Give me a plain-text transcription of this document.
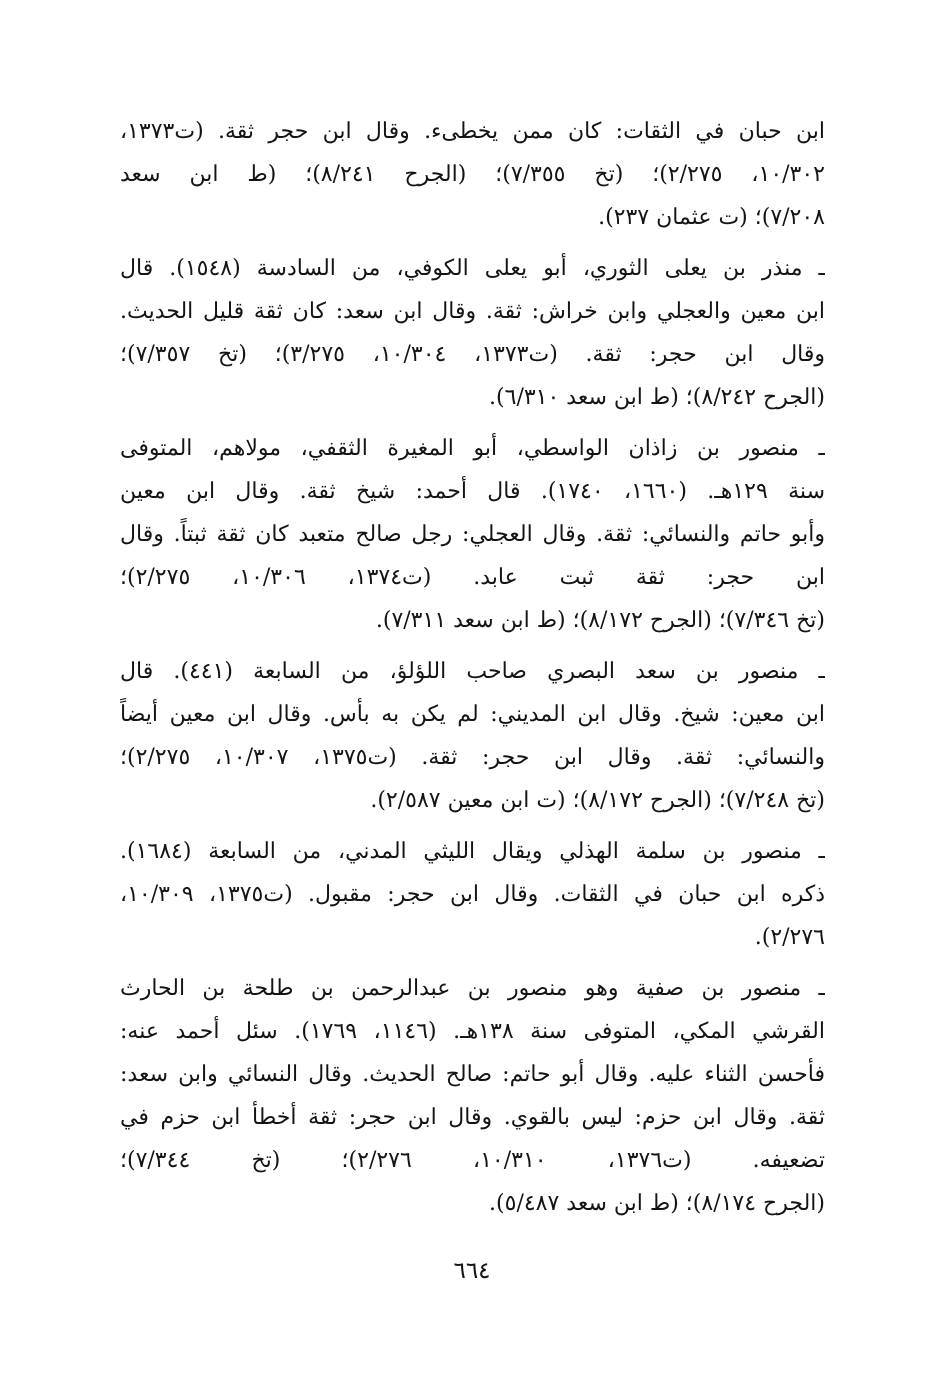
ابن حبان في الثقات: كان ممن يخطىء. وقال ابن حجر ثقة. (ت١٣٧٣،
١٠/٣٠٢، ٢/٢٧٥)؛ (تخ ٧/٣٥٥)؛ (الجرح ٨/٢٤١)؛ (ط ابن سعد
٧/٢٠٨)؛ (ت عثمان ٢٣٧).
ـ منذر بن يعلى الثوري، أبو يعلى الكوفي، من السادسة (١٥٤٨). قال
ابن معين والعجلي وابن خراش: ثقة. وقال ابن سعد: كان ثقة قليل الحديث.
وقال ابن حجر: ثقة. (ت١٣٧٣، ١٠/٣٠٤، ٣/٢٧٥)؛ (تخ ٧/٣٥٧)؛
(الجرح ٨/٢٤٢)؛ (ط ابن سعد ٦/٣١٠).
ـ منصور بن زاذان الواسطي، أبو المغيرة الثقفي، مولاهم، المتوفى
سنة ١٢٩هـ. (١٦٦٠، ١٧٤٠). قال أحمد: شيخ ثقة. وقال ابن معين
وأبو حاتم والنسائي: ثقة. وقال العجلي: رجل صالح متعبد كان ثقة ثبتاً. وقال
ابن حجر: ثقة ثبت عابد. (ت١٣٧٤، ١٠/٣٠٦، ٢/٢٧٥)؛
(تخ ٧/٣٤٦)؛ (الجرح ٨/١٧٢)؛ (ط ابن سعد ٧/٣١١).
ـ منصور بن سعد البصري صاحب اللؤلؤ، من السابعة (٤٤١). قال
ابن معين: شيخ. وقال ابن المديني: لم يكن به بأس. وقال ابن معين أيضاً
والنسائي: ثقة. وقال ابن حجر: ثقة. (ت١٣٧٥، ١٠/٣٠٧، ٢/٢٧٥)؛
(تخ ٧/٢٤٨)؛ (الجرح ٨/١٧٢)؛ (ت ابن معين ٢/٥٨٧).
ـ منصور بن سلمة الهذلي ويقال الليثي المدني، من السابعة (١٦٨٤).
ذكره ابن حبان في الثقات. وقال ابن حجر: مقبول. (ت١٣٧٥، ١٠/٣٠٩،
٢/٢٧٦).
ـ منصور بن صفية وهو منصور بن عبدالرحمن بن طلحة بن الحارث
القرشي المكي، المتوفى سنة ١٣٨هـ. (١١٤٦، ١٧٦٩). سئل أحمد عنه:
فأحسن الثناء عليه. وقال أبو حاتم: صالح الحديث. وقال النسائي وابن سعد:
ثقة. وقال ابن حزم: ليس بالقوي. وقال ابن حجر: ثقة أخطأ ابن حزم في
تضعيفه. (ت١٣٧٦، ١٠/٣١٠، ٢/٢٧٦)؛ (تخ ٧/٣٤٤)؛
(الجرح ٨/١٧٤)؛ (ط ابن سعد ٥/٤٨٧).
٦٦٤
